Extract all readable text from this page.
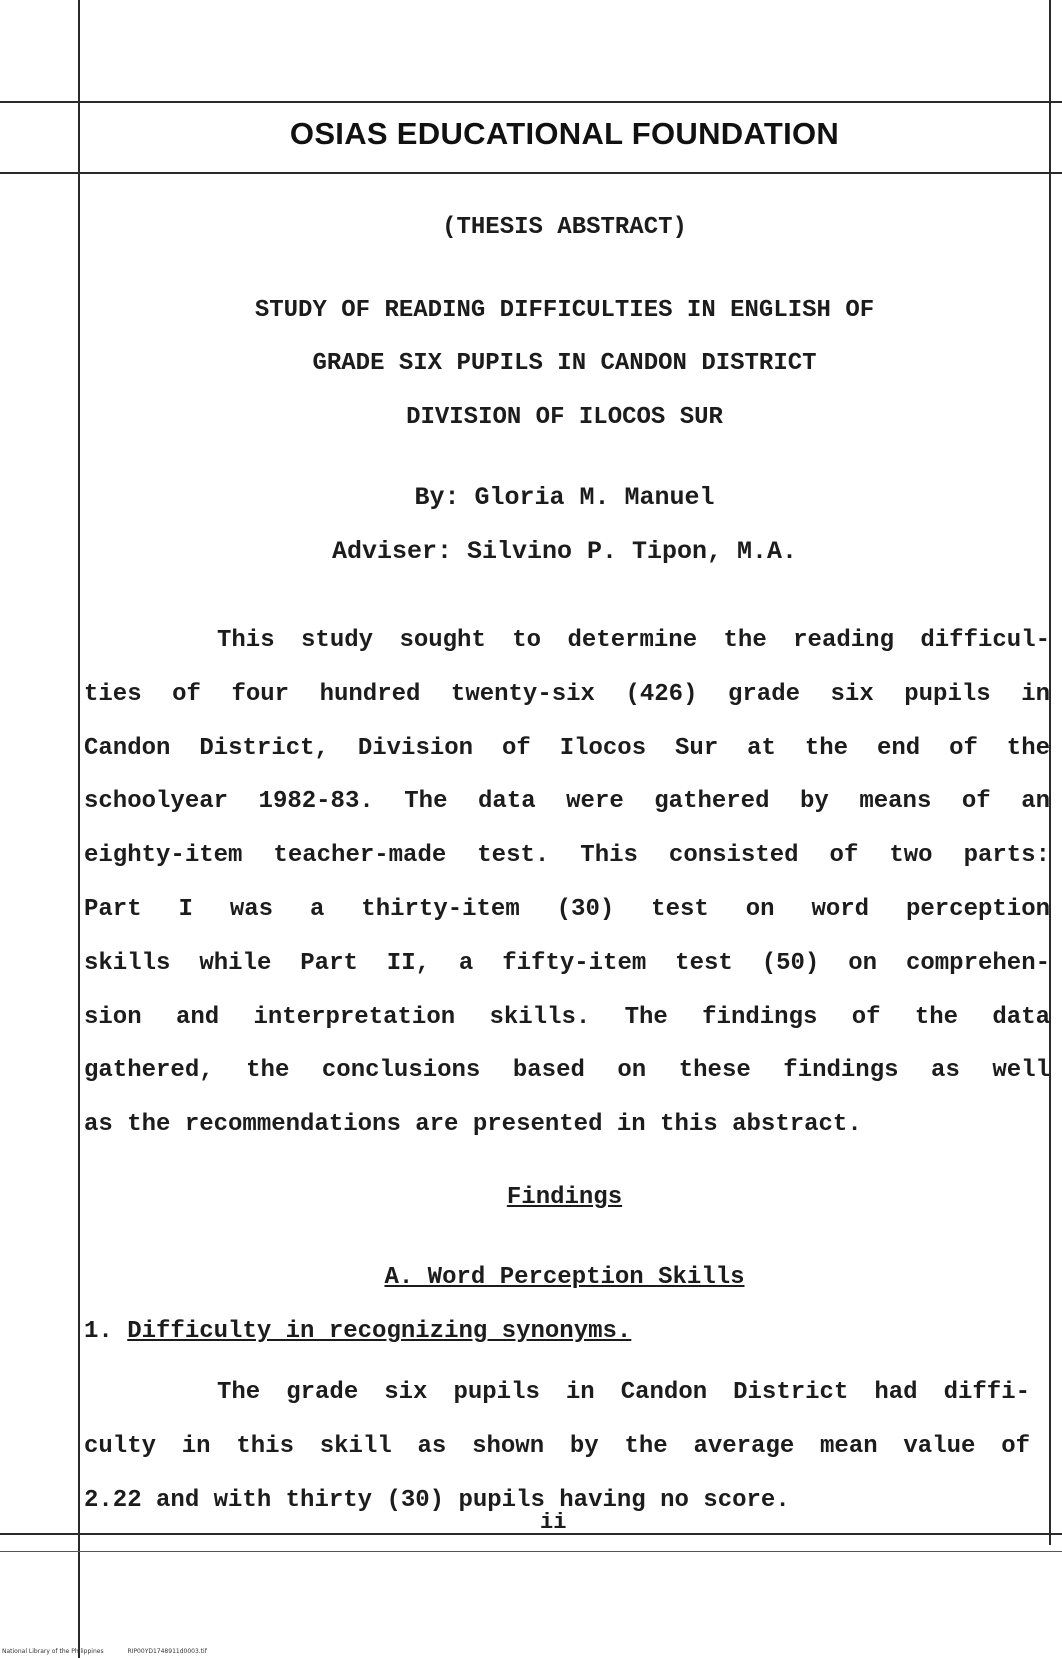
OSIAS EDUCATIONAL FOUNDATION
(THESIS ABSTRACT)
STUDY OF READING DIFFICULTIES IN ENGLISH OF
GRADE SIX PUPILS IN CANDON DISTRICT
DIVISION OF ILOCOS SUR
By: Gloria M. Manuel
Adviser: Silvino P. Tipon, M.A.
This study sought to determine the reading difficul-
ties of four hundred twenty-six (426) grade six pupils in
Candon District, Division of Ilocos Sur at the end of the
schoolyear 1982-83. The data were gathered by means of an
eighty-item teacher-made test. This consisted of two parts:
Part I was a thirty-item (30) test on word perception
skills while Part II, a fifty-item test (50) on comprehen-
sion and interpretation skills. The findings of the data
gathered, the conclusions based on these findings as well
as the recommendations are presented in this abstract.
Findings
A. Word Perception Skills
1. Difficulty in recognizing synonyms.
The grade six pupils in Candon District had diffi-
culty in this skill as shown by the average mean value of
2.22 and with thirty (30) pupils having no score.
ii
National Library of the Philippines	RIP00YD1748911d0003.tif
